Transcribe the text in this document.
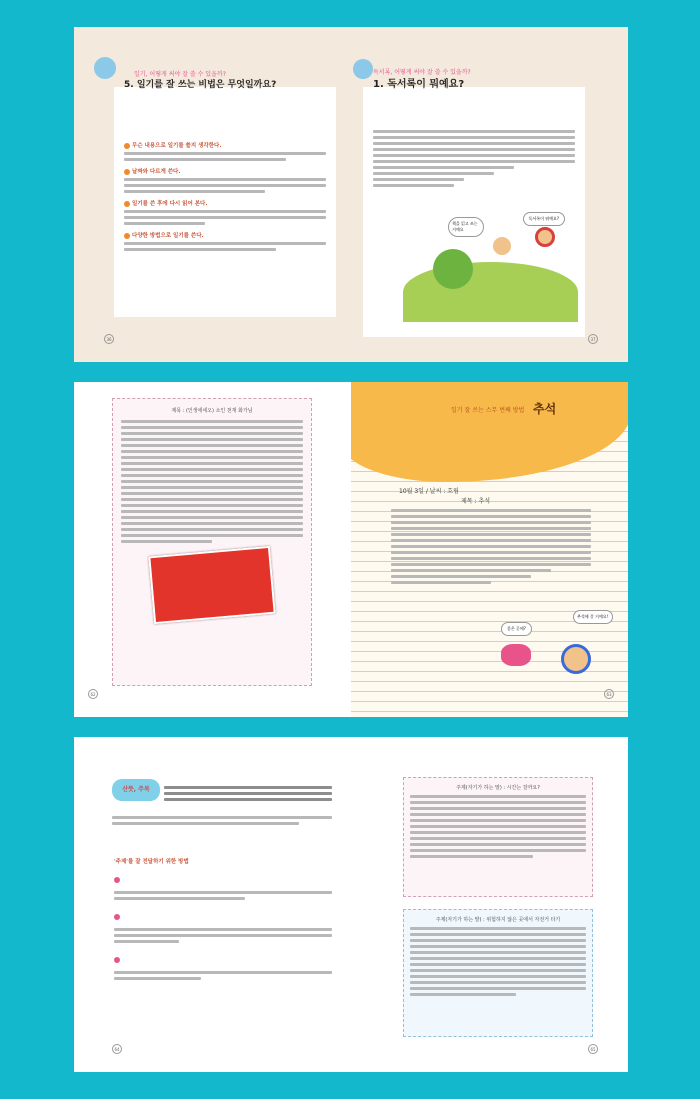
일기, 어떻게 써야 잘 쓸 수 있을까?
5. 일기를 잘 쓰는 비법은 무엇일까요?
무슨 내용으로 일기를 쓸지 생각한다.
날짜와 다르게 쓴다.
일기를 쓴 후에 다시 읽어 본다.
다양한 방법으로 일기를 쓴다.
36
독서록, 어떻게 써야 잘 쓸 수 있을까?
1. 독서록이 뭐예요?
독서록이 뭐예요?
책을 읽고 쓰는 거예요
37
제목 : (인생에세오) 소인 천재 화가님
62
일기 잘 쓰는 스무 번째 방법 추석
10월 3일 / 날씨 : 흐림
제목 : 추석
좋은 곳에?
추석에 갈 거예요!
63
산뜻, 주목
'주제'를 잘 전달하기 위한 방법
64
주제(자기가 하는 말) : 시간는 잘까요?
주제(자기가 하는 말) : 위험하지 않은 곳에서 자전거 타기
65
